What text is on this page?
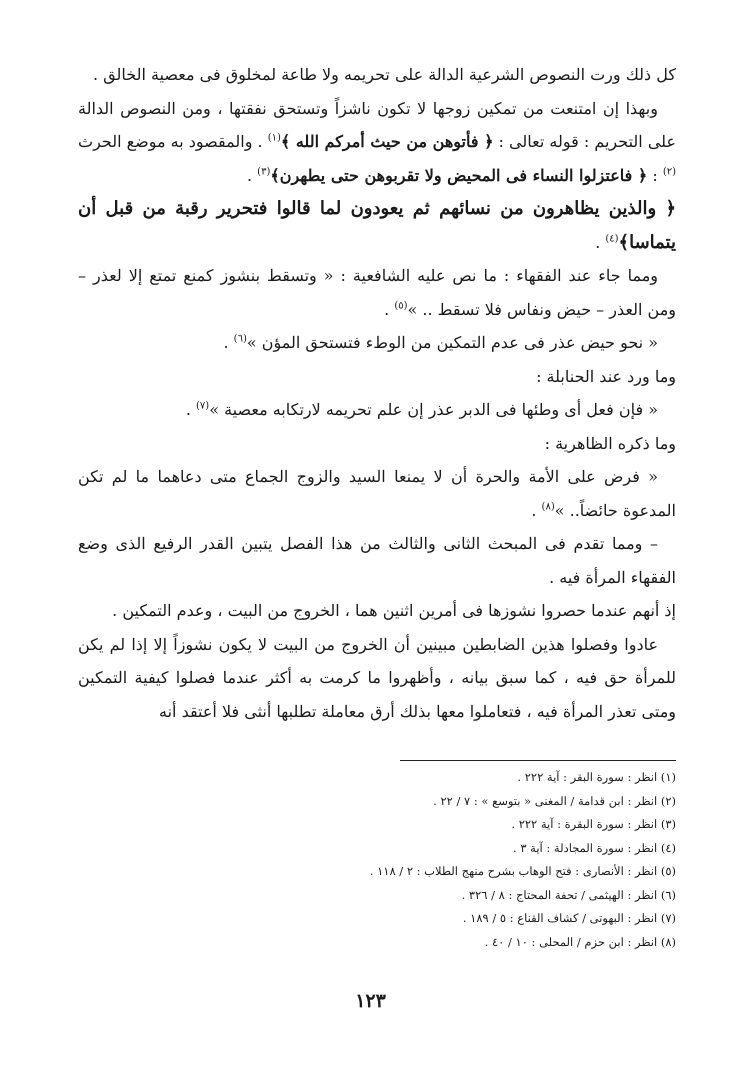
كل ذلك ورت النصوص الشرعية الدالة على تحريمه ولا طاعة لمخلوق فى معصية الخالق .

وبهذا إن امتنعت من تمكين زوجها لا تكون ناشزاً وتستحق نفقتها ، ومن النصوص الدالة على التحريم : قوله تعالى : ﴿ فأتوهن من حيث أمركم الله ﴾$^{(١)}$ . والمقصود به موضع الحرث $^{(٢)}$ : ﴿ فاعتزلوا النساء فى المحيض ولا تقربوهن حتى يطهرن﴾$^{(٣)}$ .

﴿ والذين يظاهرون من نسائهم ثم يعودون لما قالوا فتحرير رقبة من قبل أن يتماسا﴾$^{(٤)}$ .

ومما جاء عند الفقهاء : ما نص عليه الشافعية : « وتسقط بنشوز كمنع تمتع إلا لعذر – ومن العذر – حيض ونفاس فلا تسقط .. »$^{(٥)}$ .

« نحو حيض عذر فى عدم التمكين من الوطء فتستحق المؤن »$^{(٦)}$ .

وما ورد عند الحنابلة :

« فإن فعل أى وطئها فى الدبر عذر إن علم تحريمه لارتكابه معصية »$^{(٧)}$ .

وما ذكره الظاهرية :

« فرض على الأمة والحرة أن لا يمنعا السيد والزوج الجماع متى دعاهما ما لم تكن المدعوة حائضاً.. »$^{(٨)}$ .

– ومما تقدم فى المبحث الثانى والثالث من هذا الفصل يتبين القدر الرفيع الذى وضع الفقهاء المرأة فيه .

إذ أنهم عندما حصروا نشوزها فى أمرين اثنين هما ، الخروج من البيت ، وعدم التمكين .

عادوا وفصلوا هذين الضابطين مبينين أن الخروج من البيت لا يكون نشوزاً إلا إذا لم يكن للمرأة حق فيه ، كما سبق بيانه ، وأظهروا ما كرمت به أكثر عندما فصلوا كيفية التمكين ومتى تعذر المرأة فيه ، فتعاملوا معها بذلك أرق معاملة تطلبها أنثى فلا أعتقد أنه

(١) انظر : سورة البقر : آية ٢٢٢ .
(٢) انظر : ابن قدامة / المغنى « بتوسع » : ٧ / ٢٢ .
(٣) انظر : سورة البقرة : آية ٢٢٢ .
(٤) انظر : سورة المجادلة : آية ٣ .
(٥) انظر : الأنصارى : فتح الوهاب بشرح منهج الطلاب : ٢ / ١١٨ .
(٦) انظر : الهيثمى / تحفة المحتاج : ٨ / ٣٢٦ .
(٧) انظر : البهوتى / كشاف القناع : ٥ / ١٨٩ .
(٨) انظر : ابن حزم / المحلى : ١٠ / ٤٠ .
١٢٣
